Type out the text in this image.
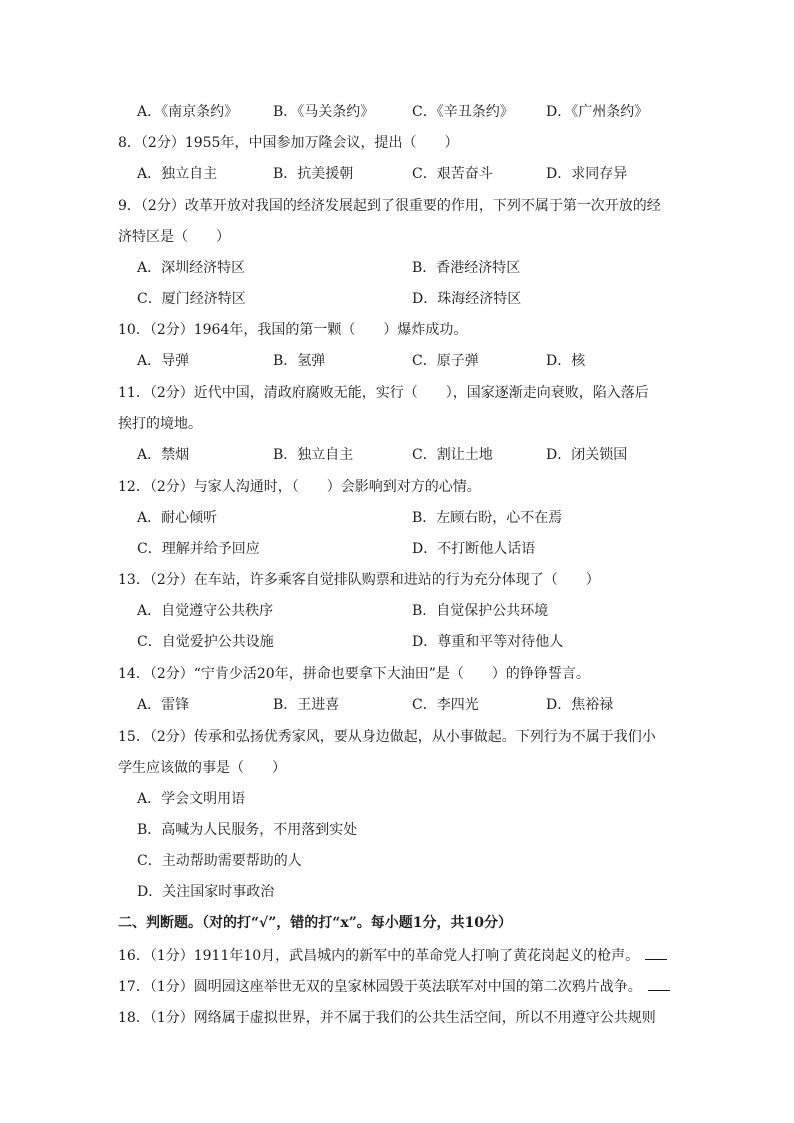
A．《南京条约》 B．《马关条约》	C．《辛丑条约》 D．《广州条约》
8．（2分）1955年，中国参加万隆会议，提出（　　）
A．独立自主	B．抗美援朝	C．艰苦奋斗	D．求同存异
9．（2分）改革开放对我国的经济发展起到了很重要的作用，下列不属于第一次开放的经
济特区是（　　）
A．深圳经济特区	B．香港经济特区
C．厦门经济特区	D．珠海经济特区
10．（2分）1964年，我国的第一颗（　　）爆炸成功。
A．导弹	B．氢弹	C．原子弹	D．核
11．（2分）近代中国，清政府腐败无能，实行（　　），国家逐渐走向衰败，陷入落后
挨打的境地。
A．禁烟	B．独立自主	C．割让土地	D．闭关锁国
12．（2分）与家人沟通时，（　　）会影响到对方的心情。
A．耐心倾听	B．左顾右盼，心不在焉
C．理解并给予回应	D．不打断他人话语
13．（2分）在车站，许多乘客自觉排队购票和进站的行为充分体现了（　　）
A．自觉遵守公共秩序	B．自觉保护公共环境
C．自觉爱护公共设施	D．尊重和平等对待他人
14．（2分）“宁肯少活20年，拼命也要拿下大油田”是（　　）的铮铮誓言。
A．雷锋	B．王进喜	C．李四光	D．焦裕禄
15．（2分）传承和弘扬优秀家风，要从身边做起，从小事做起。下列行为不属于我们小
学生应该做的事是（　　）
A．学会文明用语
B．高喊为人民服务，不用落到实处
C．主动帮助需要帮助的人
D．关注国家时事政治
二、判断题。（对的打“√”，错的打“x”。每小题1分，共10分）
16．（1分）1911年10月，武昌城内的新军中的革命党人打响了黄花岗起义的枪声。
17．（1分）圆明园这座举世无双的皇家林园毁于英法联军对中国的第二次鸦片战争。
18．（1分）网络属于虚拟世界，并不属于我们的公共生活空间，所以不用遵守公共规则
